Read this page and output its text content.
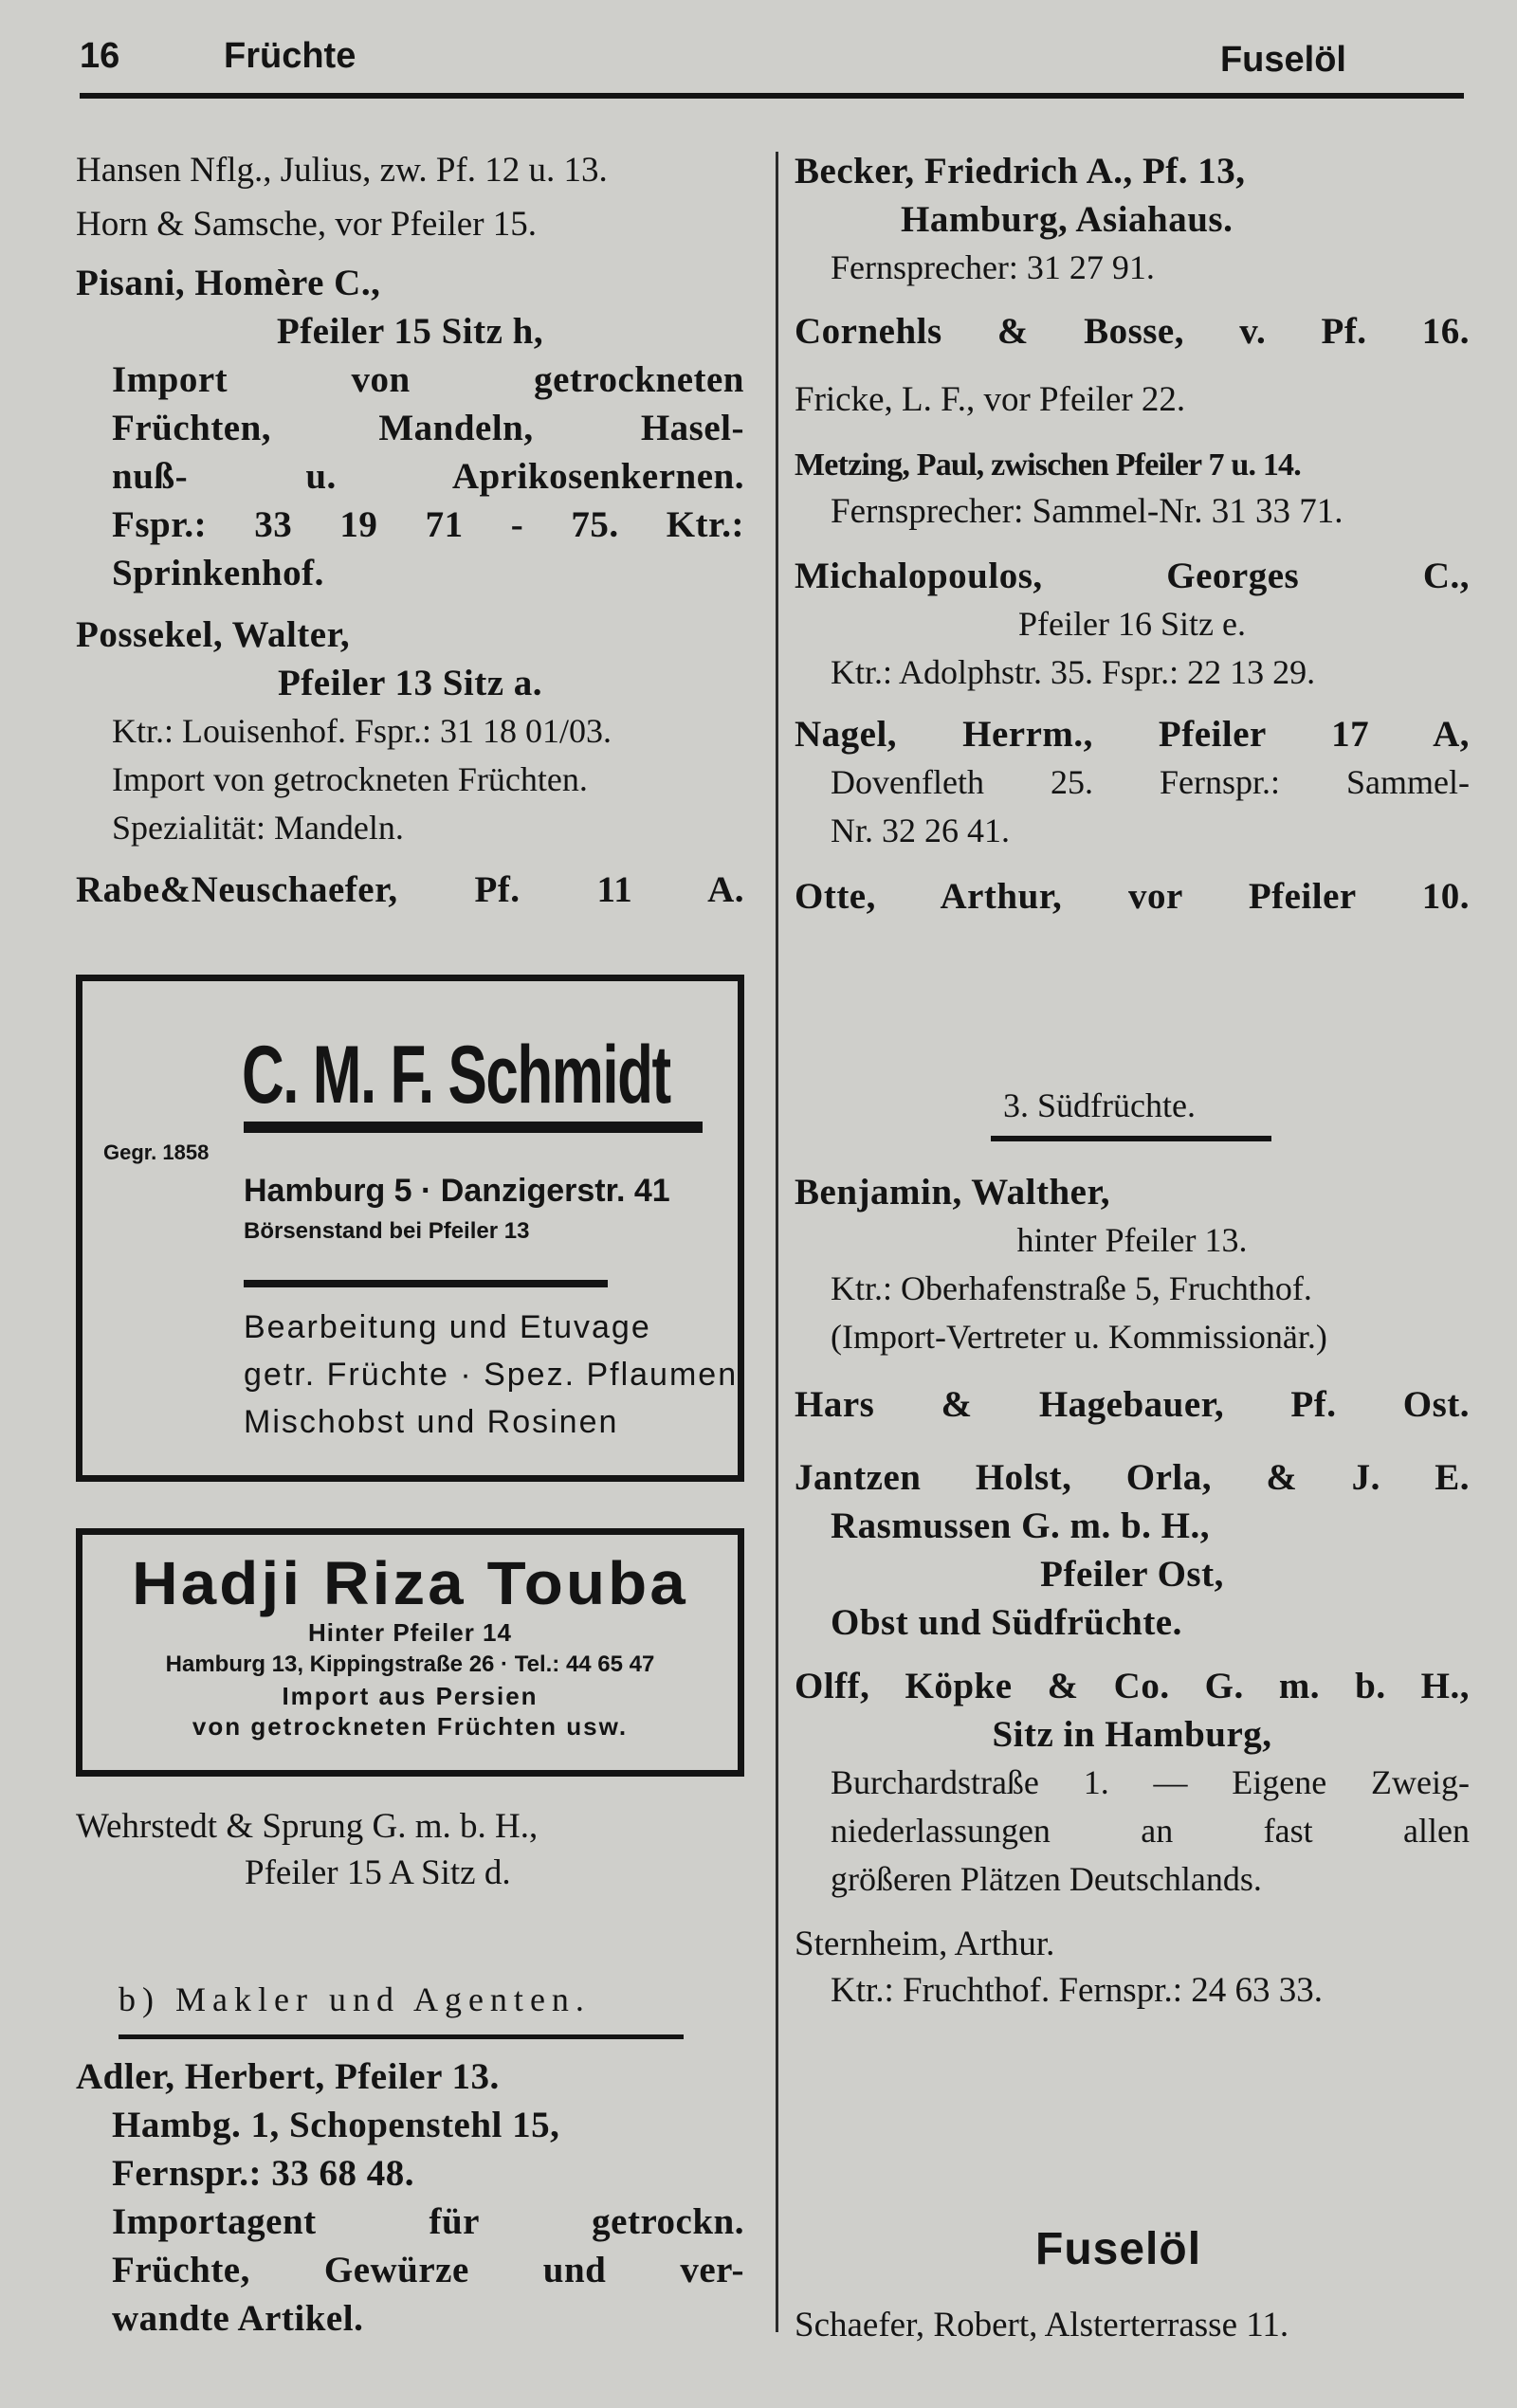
16	Früchte	Fuselöl
Hansen Nflg., Julius, zw. Pf. 12 u. 13.
Horn & Samsche, vor Pfeiler 15.
Pisani, Homère C.,
Pfeiler 15 Sitz h,
Import von getrockneten
Früchten, Mandeln, Hasel-
nuß- u. Aprikosenkernen.
Fspr.: 33 19 71 - 75. Ktr.:
Sprinkenhof.
Possekel, Walter,
Pfeiler 13 Sitz a.
Ktr.: Louisenhof. Fspr.: 31 18 01/03.
Import von getrockneten Früchten.
Spezialität: Mandeln.
Rabe&Neuschaefer, Pf. 11 A.
C. M. F. Schmidt
Gegr. 1858
Hamburg 5 · Danzigerstr. 41
Börsenstand bei Pfeiler 13
Bearbeitung und Etuvage
getr. Früchte · Spez. Pflaumen
Mischobst und Rosinen
Hadji Riza Touba
Hinter Pfeiler 14
Hamburg 13, Kippingstraße 26 · Tel.: 44 65 47
Import aus Persien
von getrockneten Früchten usw.
Wehrstedt & Sprung G. m. b. H.,
Pfeiler 15 A Sitz d.
b) Makler und Agenten.
Adler, Herbert, Pfeiler 13.
Hambg. 1, Schopenstehl 15,
Fernspr.: 33 68 48.
Importagent für getrockn.
Früchte, Gewürze und ver-
wandte Artikel.
Becker, Friedrich A., Pf. 13,
Hamburg, Asiahaus.
Fernsprecher: 31 27 91.
Cornehls & Bosse, v. Pf. 16.
Fricke, L. F., vor Pfeiler 22.
Metzing, Paul, zwischen Pfeiler 7 u. 14.
Fernsprecher: Sammel-Nr. 31 33 71.
Michalopoulos, Georges C.,
Pfeiler 16 Sitz e.
Ktr.: Adolphstr. 35. Fspr.: 22 13 29.
Nagel, Herrm., Pfeiler 17 A,
Dovenfleth 25. Fernspr.: Sammel-
Nr. 32 26 41.
Otte, Arthur, vor Pfeiler 10.
3. Südfrüchte.
Benjamin, Walther,
hinter Pfeiler 13.
Ktr.: Oberhafenstraße 5, Fruchthof.
(Import-Vertreter u. Kommissionär.)
Hars & Hagebauer, Pf. Ost.
Jantzen Holst, Orla, & J. E.
Rasmussen G. m. b. H.,
Pfeiler Ost,
Obst und Südfrüchte.
Olff, Köpke & Co. G. m. b. H.,
Sitz in Hamburg,
Burchardstraße 1. — Eigene Zweig-
niederlassungen an fast allen
größeren Plätzen Deutschlands.
Sternheim, Arthur.
Ktr.: Fruchthof. Fernspr.: 24 63 33.
Fuselöl
Schaefer, Robert, Alsterterrasse 11.
